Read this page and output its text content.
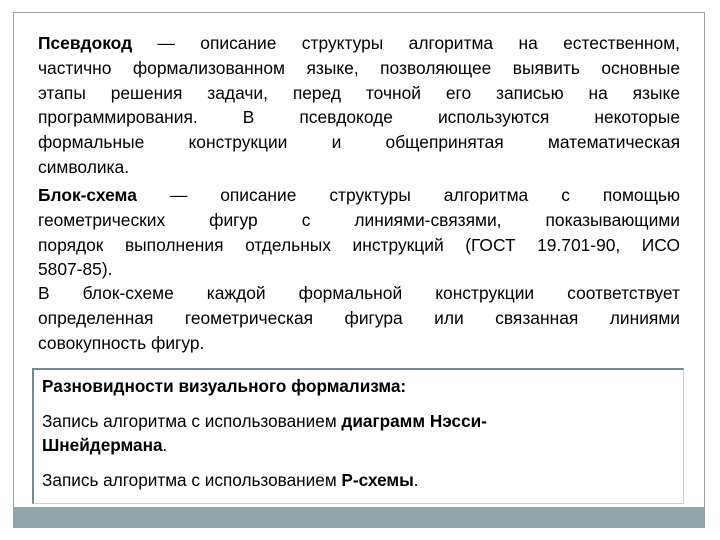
Псевдокод — описание структуры алгоритма на естественном,
частично формализованном языке, позволяющее выявить основные
этапы решения задачи, перед точной его записью на языке
программирования. В псевдокоде используются некоторые
формальные конструкции и общепринятая математическая
символика.
Блок-схема — описание структуры алгоритма с помощью
геометрических фигур с линиями-связями, показывающими
порядок выполнения отдельных инструкций (ГОСТ 19.701-90, ИСО
5807-85).
В блок-схеме каждой формальной конструкции соответствует
определенная геометрическая фигура или связанная линиями
совокупность фигур.
Разновидности визуального формализма:
Запись алгоритма с использованием диаграмм Нэсси-
Шнейдермана.
Запись алгоритма с использованием Р-схемы.
